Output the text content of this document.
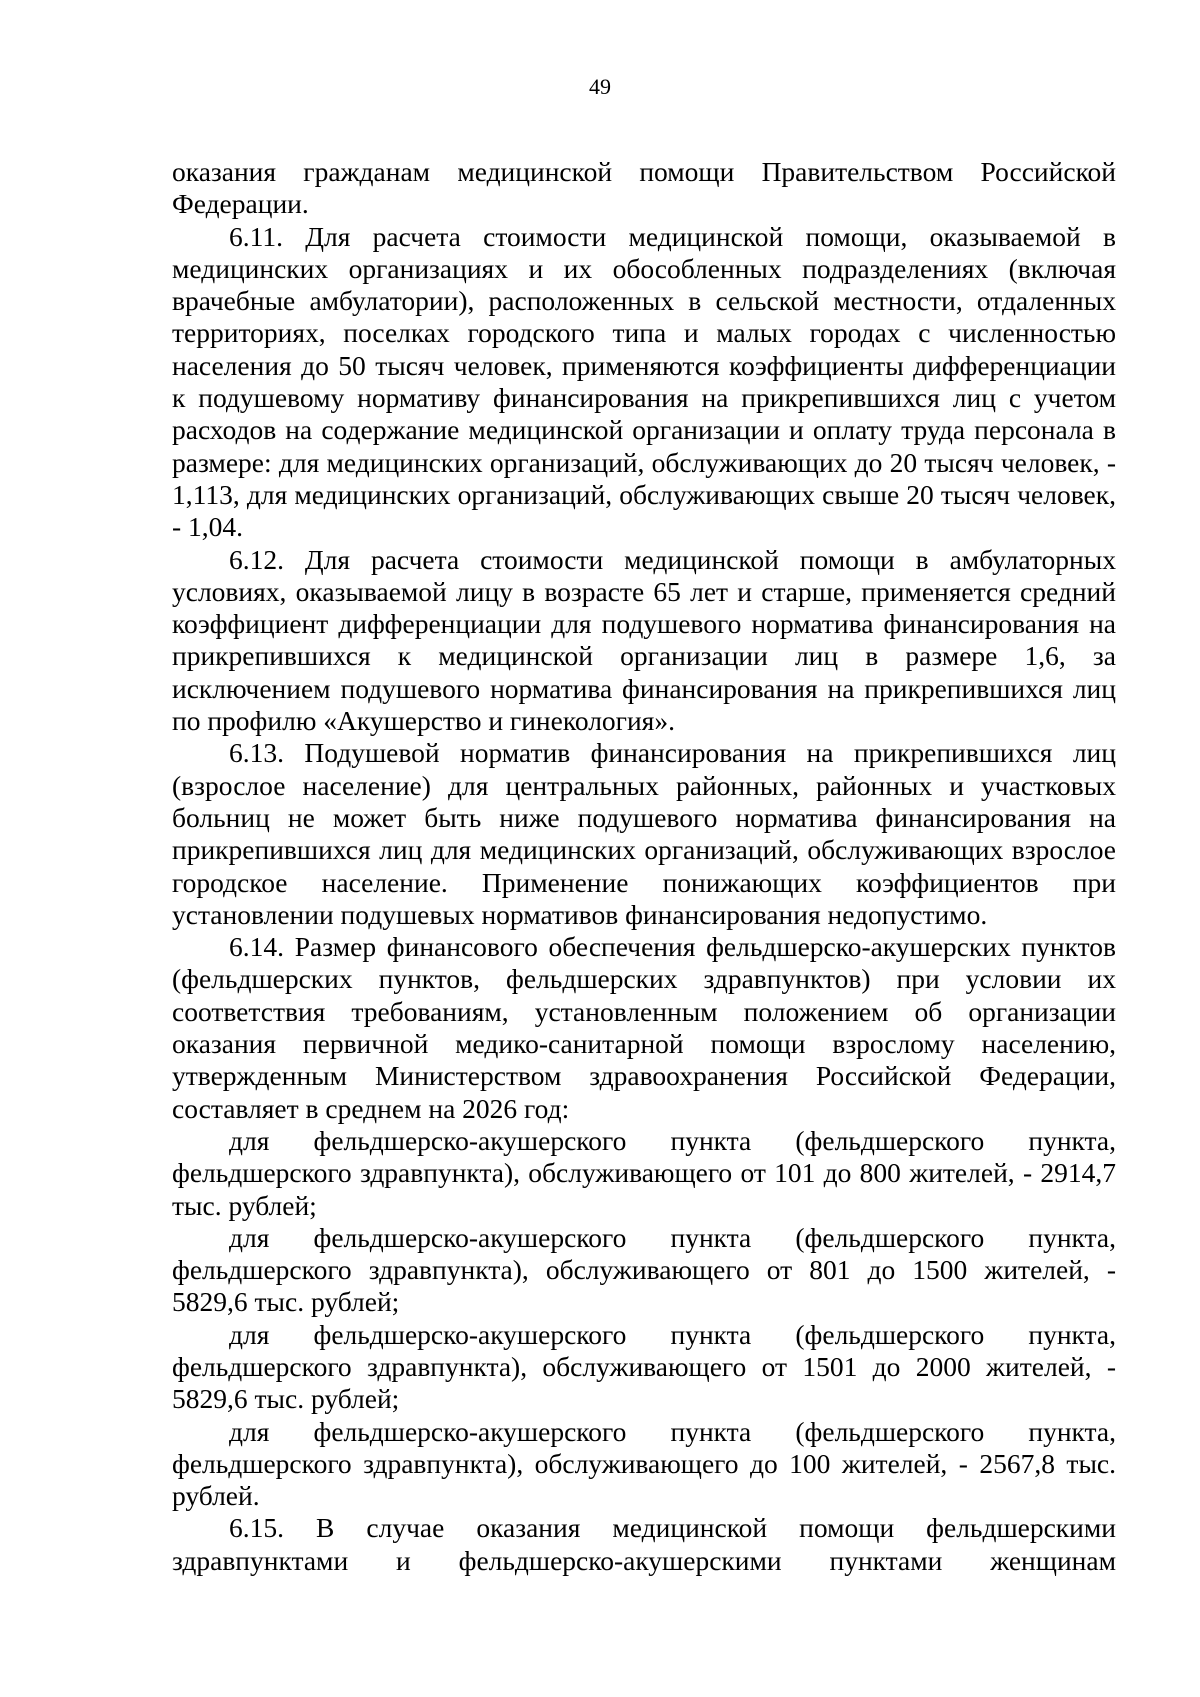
49

оказания гражданам медицинской помощи Правительством Российской Федерации.

6.11. Для расчета стоимости медицинской помощи, оказываемой в медицинских организациях и их обособленных подразделениях (включая врачебные амбулатории), расположенных в сельской местности, отдаленных территориях, поселках городского типа и малых городах с численностью населения до 50 тысяч человек, применяются коэффициенты дифференциации к подушевому нормативу финансирования на прикрепившихся лиц с учетом расходов на содержание медицинской организации и оплату труда персонала в размере: для медицинских организаций, обслуживающих до 20 тысяч человек, - 1,113, для медицинских организаций, обслуживающих свыше 20 тысяч человек, - 1,04.

6.12. Для расчета стоимости медицинской помощи в амбулаторных условиях, оказываемой лицу в возрасте 65 лет и старше, применяется средний коэффициент дифференциации для подушевого норматива финансирования на прикрепившихся к медицинской организации лиц в размере 1,6, за исключением подушевого норматива финансирования на прикрепившихся лиц по профилю «Акушерство и гинекология».

6.13. Подушевой норматив финансирования на прикрепившихся лиц (взрослое население) для центральных районных, районных и участковых больниц не может быть ниже подушевого норматива финансирования на прикрепившихся лиц для медицинских организаций, обслуживающих взрослое городское население. Применение понижающих коэффициентов при установлении подушевых нормативов финансирования недопустимо.

6.14. Размер финансового обеспечения фельдшерско-акушерских пунктов (фельдшерских пунктов, фельдшерских здравпунктов) при условии их соответствия требованиям, установленным положением об организации оказания первичной медико-санитарной помощи взрослому населению, утвержденным Министерством здравоохранения Российской Федерации, составляет в среднем на 2026 год:

для фельдшерско-акушерского пункта (фельдшерского пункта, фельдшерского здравпункта), обслуживающего от 101 до 800 жителей, - 2914,7 тыс. рублей;

для фельдшерско-акушерского пункта (фельдшерского пункта, фельдшерского здравпункта), обслуживающего от 801 до 1500 жителей, - 5829,6 тыс. рублей;

для фельдшерско-акушерского пункта (фельдшерского пункта, фельдшерского здравпункта), обслуживающего от 1501 до 2000 жителей, - 5829,6 тыс. рублей;

для фельдшерско-акушерского пункта (фельдшерского пункта, фельдшерского здравпункта), обслуживающего до 100 жителей, - 2567,8 тыс. рублей.

6.15. В случае оказания медицинской помощи фельдшерскими здравпунктами и фельдшерско-акушерскими пунктами женщинам
